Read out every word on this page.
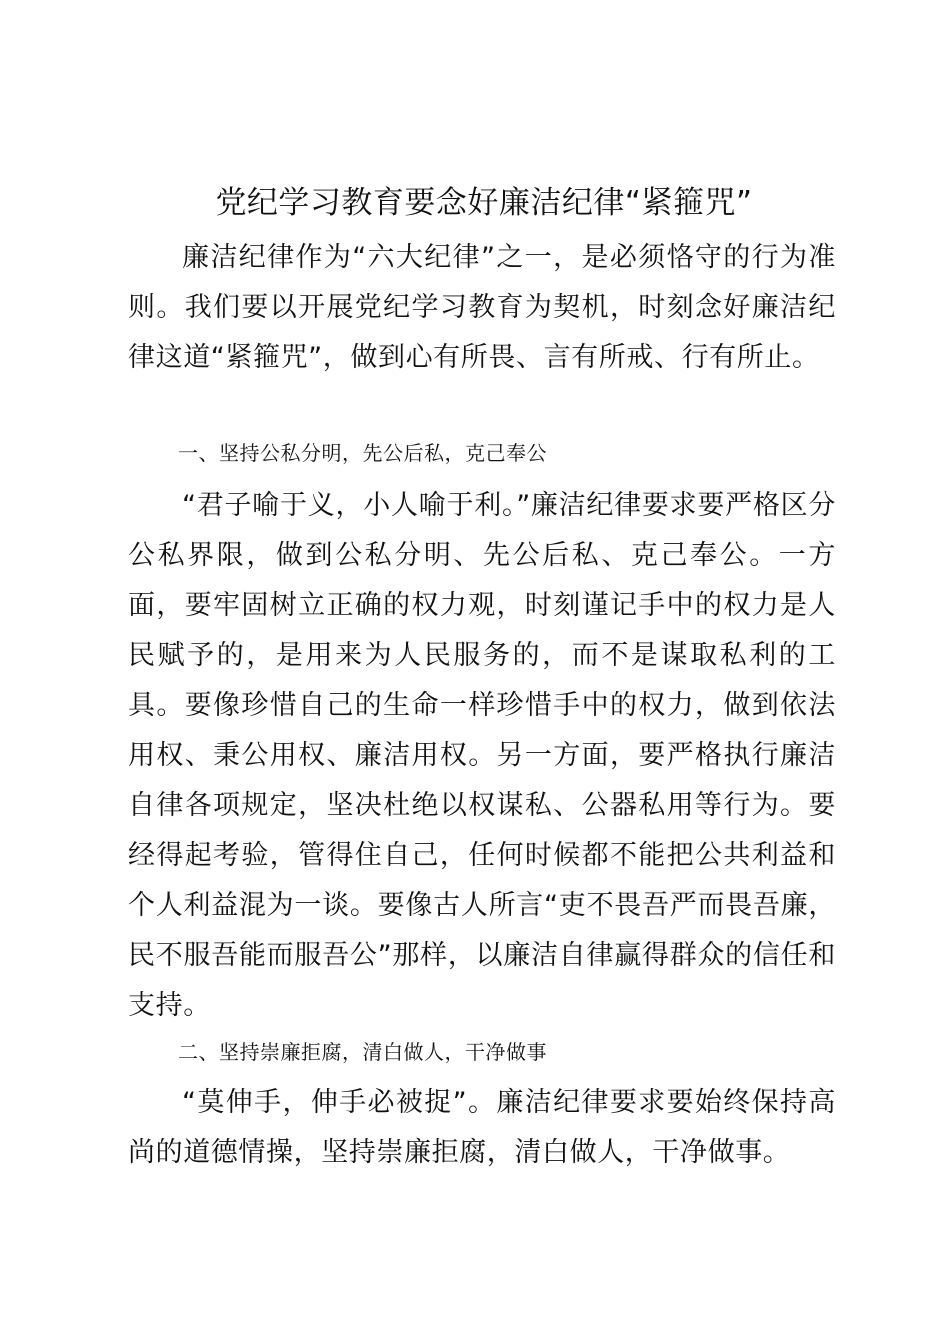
党纪学习教育要念好廉洁纪律“紧箍咒”

廉洁纪律作为“六大纪律”之一，是必须恪守的行为准则。我们要以开展党纪学习教育为契机，时刻念好廉洁纪律这道“紧箍咒”，做到心有所畏、言有所戒、行有所止。

一、坚持公私分明，先公后私，克己奉公

“君子喻于义，小人喻于利。”廉洁纪律要求要严格区分公私界限，做到公私分明、先公后私、克己奉公。一方面，要牢固树立正确的权力观，时刻谨记手中的权力是人民赋予的，是用来为人民服务的，而不是谋取私利的工具。要像珍惜自己的生命一样珍惜手中的权力，做到依法用权、秉公用权、廉洁用权。另一方面，要严格执行廉洁自律各项规定，坚决杜绝以权谋私、公器私用等行为。要经得起考验，管得住自己，任何时候都不能把公共利益和个人利益混为一谈。要像古人所言“吏不畏吾严而畏吾廉，民不服吾能而服吾公”那样，以廉洁自律赢得群众的信任和支持。

二、坚持崇廉拒腐，清白做人，干净做事

“莫伸手，伸手必被捉”。廉洁纪律要求要始终保持高尚的道德情操，坚持崇廉拒腐，清白做人，干净做事。
